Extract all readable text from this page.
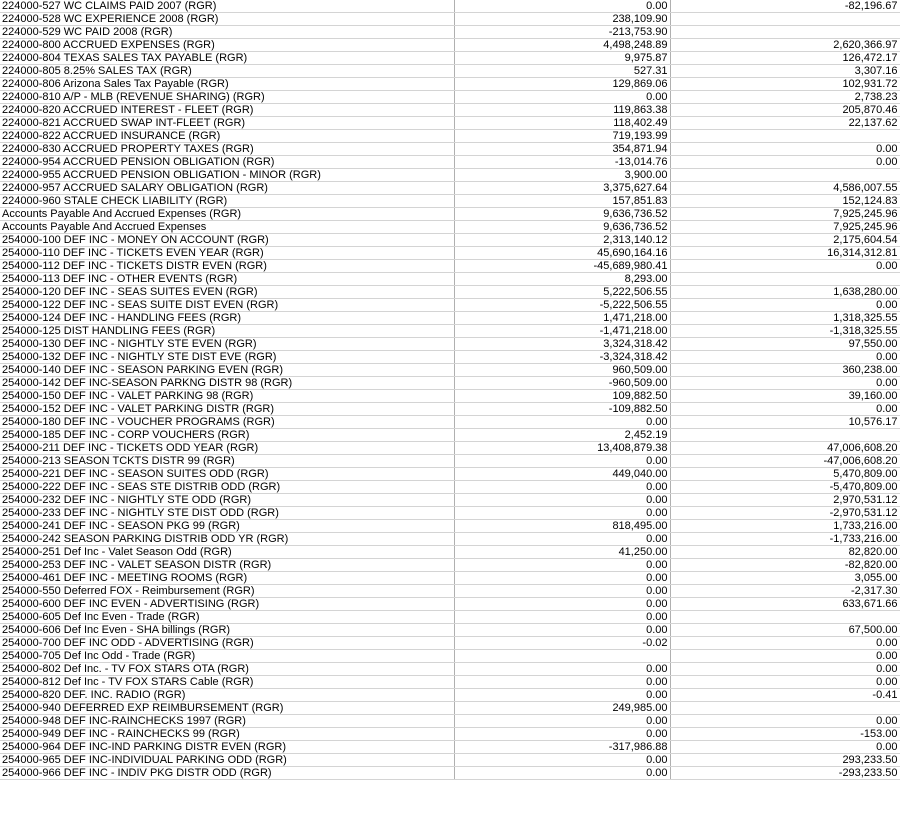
224000-527 WC CLAIMS PAID 2007 (RGR)	0.00	-82,196.67
224000-528 WC EXPERIENCE 2008 (RGR)	238,109.90	
224000-529 WC PAID 2008 (RGR)	-213,753.90	
224000-800 ACCRUED EXPENSES (RGR)	4,498,248.89	2,620,366.97
224000-804 TEXAS SALES TAX PAYABLE (RGR)	9,975.87	126,472.17
224000-805 8.25% SALES TAX (RGR)	527.31	3,307.16
224000-806 Arizona Sales Tax Payable (RGR)	129,869.06	102,931.72
224000-810 A/P - MLB (REVENUE SHARING) (RGR)	0.00	2,738.23
224000-820 ACCRUED INTEREST - FLEET (RGR)	119,863.38	205,870.46
224000-821 ACCRUED SWAP INT-FLEET (RGR)	118,402.49	22,137.62
224000-822 ACCRUED INSURANCE (RGR)	719,193.99	
224000-830 ACCRUED PROPERTY TAXES (RGR)	354,871.94	0.00
224000-954 ACCRUED PENSION OBLIGATION (RGR)	-13,014.76	0.00
224000-955 ACCRUED PENSION OBLIGATION - MINOR (RGR)	3,900.00	
224000-957 ACCRUED SALARY OBLIGATION (RGR)	3,375,627.64	4,586,007.55
224000-960 STALE CHECK LIABILITY (RGR)	157,851.83	152,124.83
Accounts Payable And Accrued Expenses (RGR)	9,636,736.52	7,925,245.96
Accounts Payable And Accrued Expenses	9,636,736.52	7,925,245.96
254000-100 DEF INC - MONEY ON ACCOUNT (RGR)	2,313,140.12	2,175,604.54
254000-110 DEF INC - TICKETS EVEN YEAR (RGR)	45,690,164.16	16,314,312.81
254000-112 DEF INC - TICKETS DISTR EVEN (RGR)	-45,689,980.41	0.00
254000-113 DEF INC - OTHER EVENTS (RGR)	8,293.00	
254000-120 DEF INC - SEAS SUITES EVEN (RGR)	5,222,506.55	1,638,280.00
254000-122 DEF INC - SEAS SUITE DIST EVEN (RGR)	-5,222,506.55	0.00
254000-124 DEF INC - HANDLING FEES (RGR)	1,471,218.00	1,318,325.55
254000-125 DIST HANDLING FEES (RGR)	-1,471,218.00	-1,318,325.55
254000-130 DEF INC - NIGHTLY STE EVEN (RGR)	3,324,318.42	97,550.00
254000-132 DEF INC - NIGHTLY STE DIST EVE (RGR)	-3,324,318.42	0.00
254000-140 DEF INC - SEASON PARKING EVEN (RGR)	960,509.00	360,238.00
254000-142 DEF INC-SEASON PARKNG DISTR 98 (RGR)	-960,509.00	0.00
254000-150 DEF INC - VALET PARKING 98 (RGR)	109,882.50	39,160.00
254000-152 DEF INC - VALET PARKING DISTR (RGR)	-109,882.50	0.00
254000-180 DEF INC - VOUCHER PROGRAMS (RGR)	0.00	10,576.17
254000-185 DEF INC - CORP VOUCHERS (RGR)	2,452.19	
254000-211 DEF INC - TICKETS ODD YEAR (RGR)	13,408,879.38	47,006,608.20
254000-213 SEASON TCKTS DISTR 99 (RGR)	0.00	-47,006,608.20
254000-221 DEF INC - SEASON SUITES ODD (RGR)	449,040.00	5,470,809.00
254000-222 DEF INC - SEAS STE DISTRIB ODD (RGR)	0.00	-5,470,809.00
254000-232 DEF INC - NIGHTLY STE ODD (RGR)	0.00	2,970,531.12
254000-233 DEF INC - NIGHTLY STE DIST ODD (RGR)	0.00	-2,970,531.12
254000-241 DEF INC - SEASON PKG 99 (RGR)	818,495.00	1,733,216.00
254000-242 SEASON PARKING DISTRIB ODD YR (RGR)	0.00	-1,733,216.00
254000-251 Def Inc - Valet Season Odd (RGR)	41,250.00	82,820.00
254000-253 DEF INC - VALET SEASON DISTR (RGR)	0.00	-82,820.00
254000-461 DEF INC - MEETING ROOMS (RGR)	0.00	3,055.00
254000-550 Deferred FOX - Reimbursement (RGR)	0.00	-2,317.30
254000-600 DEF INC EVEN - ADVERTISING (RGR)	0.00	633,671.66
254000-605 Def Inc Even - Trade (RGR)	0.00	
254000-606 Def Inc Even - SHA billings (RGR)	0.00	67,500.00
254000-700 DEF INC ODD - ADVERTISING (RGR)	-0.02	0.00
254000-705 Def Inc Odd - Trade (RGR)		0.00
254000-802 Def Inc. - TV FOX STARS OTA (RGR)	0.00	0.00
254000-812 Def Inc - TV FOX STARS Cable (RGR)	0.00	0.00
254000-820 DEF. INC. RADIO (RGR)	0.00	-0.41
254000-940 DEFERRED EXP REIMBURSEMENT (RGR)	249,985.00	
254000-948 DEF INC-RAINCHECKS 1997 (RGR)	0.00	0.00
254000-949 DEF INC - RAINCHECKS 99 (RGR)	0.00	-153.00
254000-964 DEF INC-IND PARKING DISTR EVEN (RGR)	-317,986.88	0.00
254000-965 DEF INC-INDIVIDUAL PARKING ODD (RGR)	0.00	293,233.50
254000-966 DEF INC - INDIV PKG DISTR ODD (RGR)	0.00	-293,233.50
